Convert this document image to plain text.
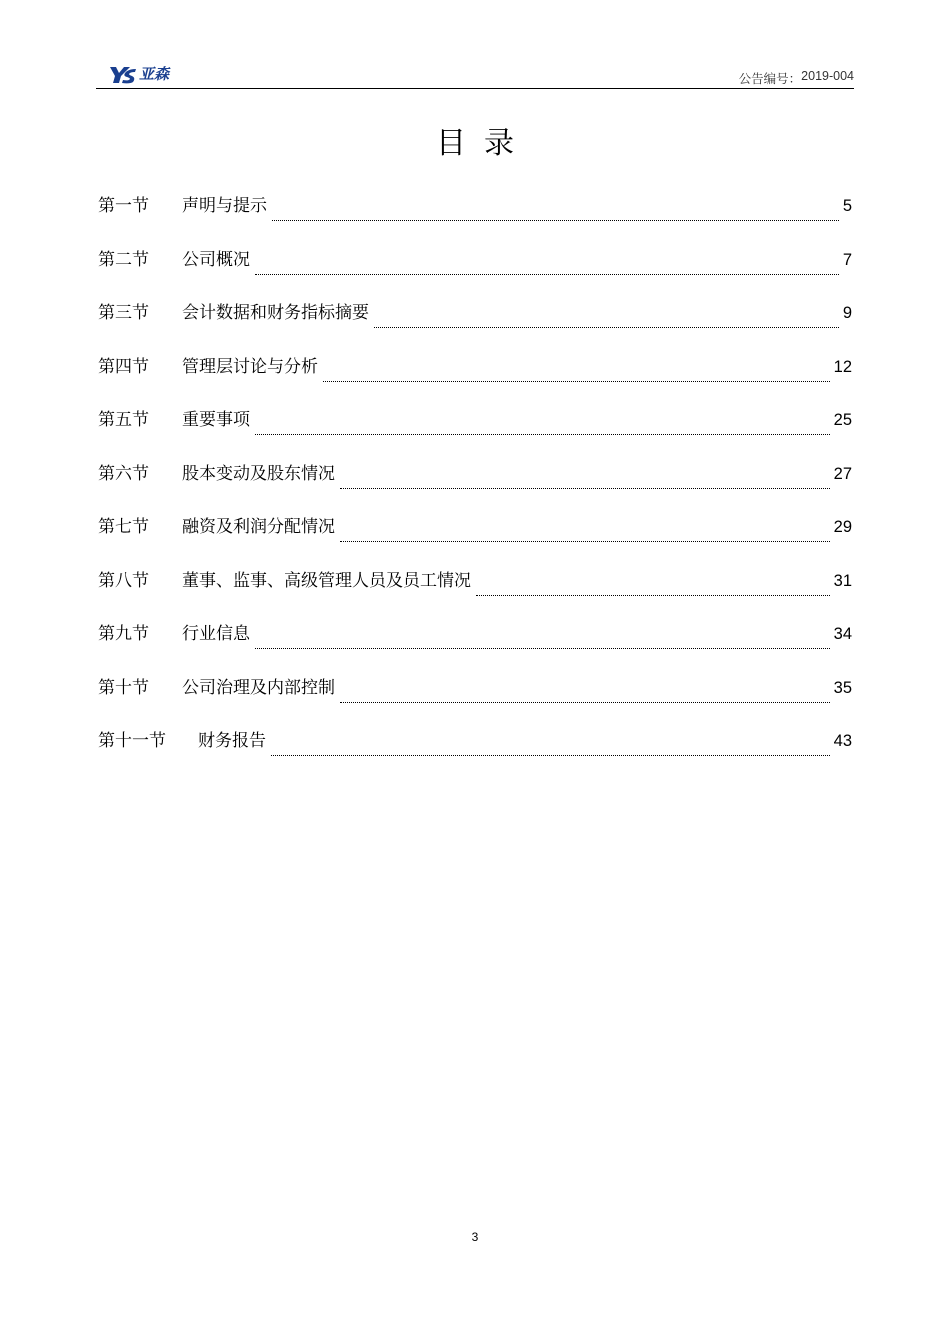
亚森	公告编号： 2019-004
目录
第一节	声明与提示	5
第二节	公司概况	7
第三节	会计数据和财务指标摘要	9
第四节	管理层讨论与分析	12
第五节	重要事项	25
第六节	股本变动及股东情况	27
第七节	融资及利润分配情况	29
第八节	董事、监事、高级管理人员及员工情况	31
第九节	行业信息	34
第十节	公司治理及内部控制	35
第十一节	财务报告	43
3
